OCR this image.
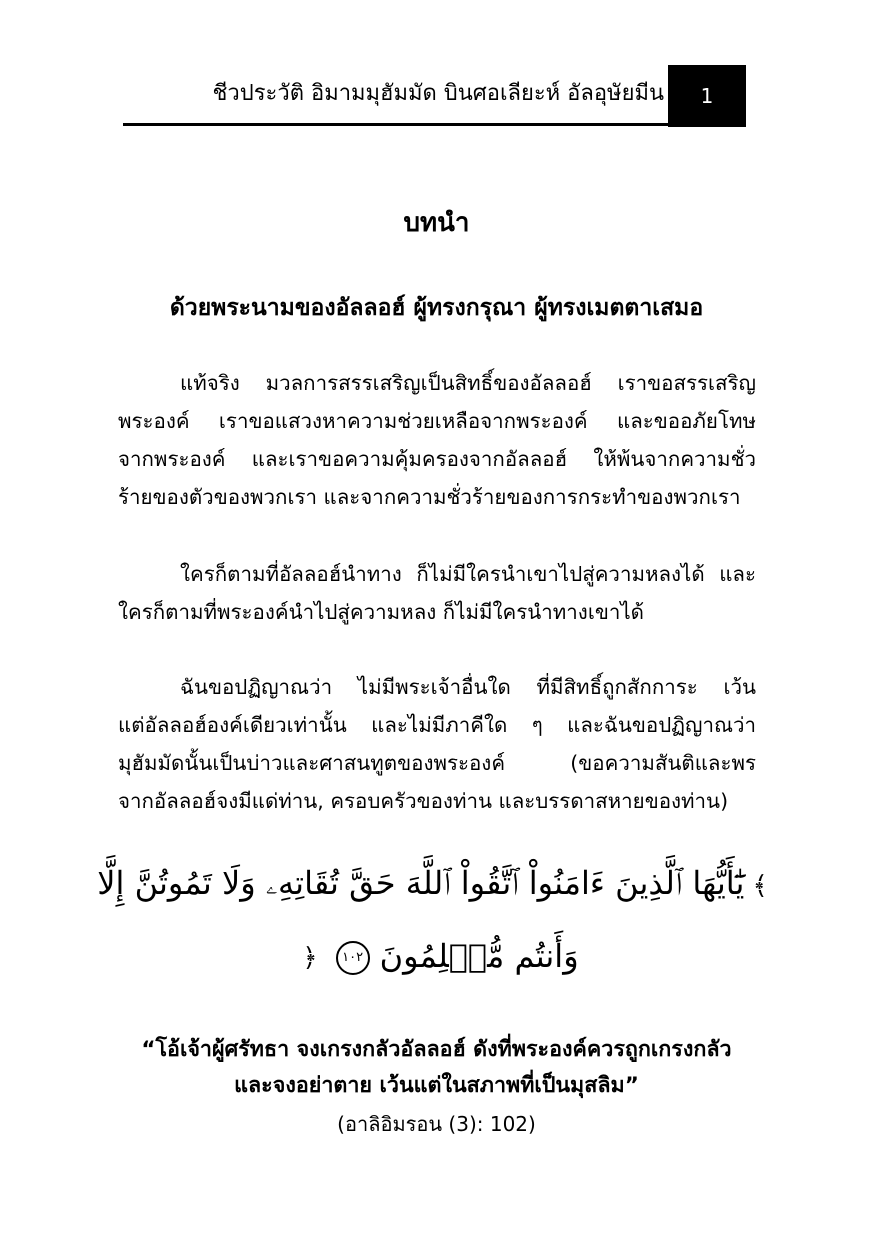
ชีวประวัติ อิมามมุฮัมมัด บินศอเลียะห์ อัลอุษัยมีน 1
บทนำ
ด้วยพระนามของอัลลอฮ์ ผู้ทรงกรุณา ผู้ทรงเมตตาเสมอ
แท้จริง มวลการสรรเสริญเป็นสิทธิ์ของอัลลอฮ์ เราขอสรรเสริญ
พระองค์ เราขอแสวงหาความช่วยเหลือจากพระองค์ และขออภัยโทษ
จากพระองค์ และเราขอความคุ้มครองจากอัลลอฮ์ ให้พ้นจากความชั่ว
ร้ายของตัวของพวกเรา และจากความชั่วร้ายของการกระทำของพวกเรา
ใครก็ตามที่อัลลอฮ์นำทาง ก็ไม่มีใครนำเขาไปสู่ความหลงได้ และ
ใครก็ตามที่พระองค์นำไปสู่ความหลง ก็ไม่มีใครนำทางเขาได้
ฉันขอปฏิญาณว่า ไม่มีพระเจ้าอื่นใด ที่มีสิทธิ์ถูกสักการะ เว้น
แต่อัลลอฮ์องค์เดียวเท่านั้น และไม่มีภาคีใด ๆ และฉันขอปฏิญาณว่า
มุฮัมมัดนั้นเป็นบ่าวและศาสนทูตของพระองค์ (ขอความสันติและพร
จากอัลลอฮ์จงมีแด่ท่าน, ครอบครัวของท่าน และบรรดาสหายของท่าน)
﴾يَٰٓأَيُّهَا ٱلَّذِينَ ءَامَنُواْ ٱتَّقُواْ ٱللَّهَ حَقَّ تُقَاتِهِۦ وَلَا تَمُوتُنَّ إِلَّا
وَأَنتُم مُّسۡلِمُونَ١٠٢﴿
“โอ้เจ้าผู้ศรัทธา จงเกรงกลัวอัลลอฮ์ ดังที่พระองค์ควรถูกเกรงกลัว
และจงอย่าตาย เว้นแต่ในสภาพที่เป็นมุสลิม”
(อาลิอิมรอน (3): 102)
